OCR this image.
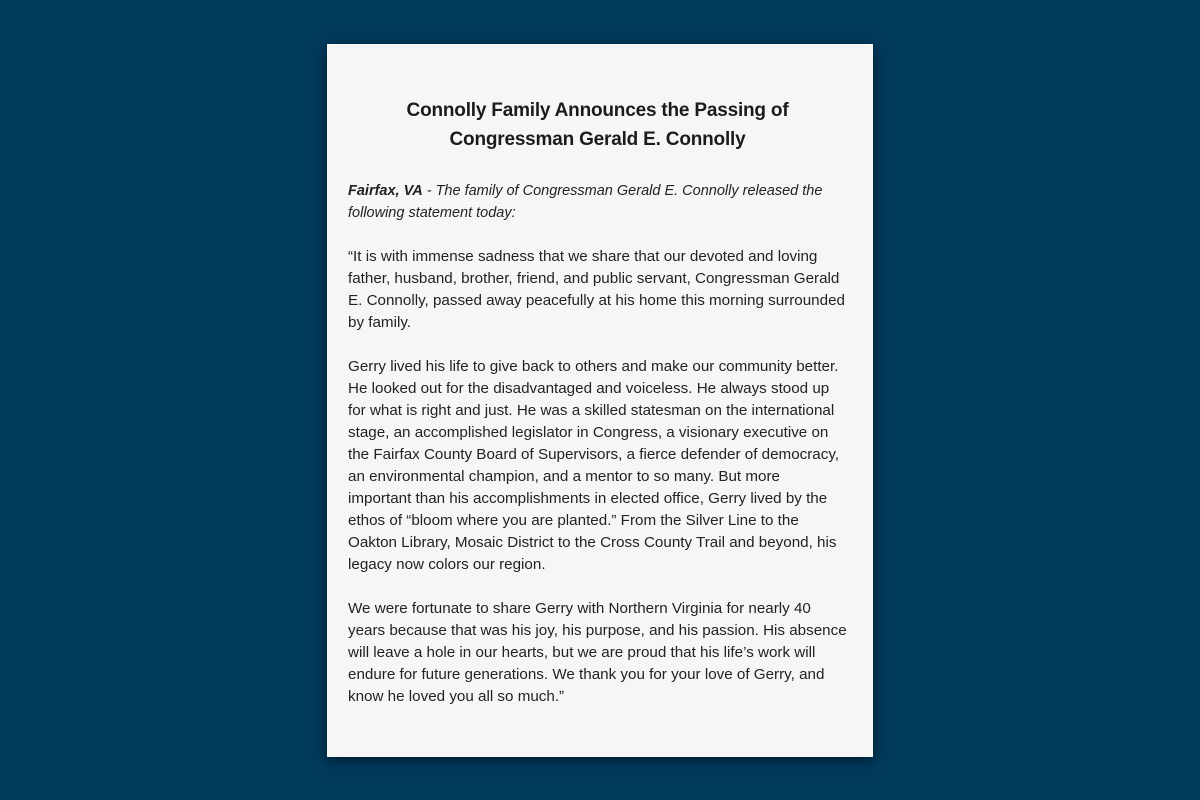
Connolly Family Announces the Passing of Congressman Gerald E. Connolly

Fairfax, VA - The family of Congressman Gerald E. Connolly released the following statement today:

“It is with immense sadness that we share that our devoted and loving father, husband, brother, friend, and public servant, Congressman Gerald E. Connolly, passed away peacefully at his home this morning surrounded by family.

Gerry lived his life to give back to others and make our community better. He looked out for the disadvantaged and voiceless. He always stood up for what is right and just. He was a skilled statesman on the international stage, an accomplished legislator in Congress, a visionary executive on the Fairfax County Board of Supervisors, a fierce defender of democracy, an environmental champion, and a mentor to so many. But more important than his accomplishments in elected office, Gerry lived by the ethos of “bloom where you are planted.” From the Silver Line to the Oakton Library, Mosaic District to the Cross County Trail and beyond, his legacy now colors our region.

We were fortunate to share Gerry with Northern Virginia for nearly 40 years because that was his joy, his purpose, and his passion. His absence will leave a hole in our hearts, but we are proud that his life’s work will endure for future generations. We thank you for your love of Gerry, and know he loved you all so much.”
